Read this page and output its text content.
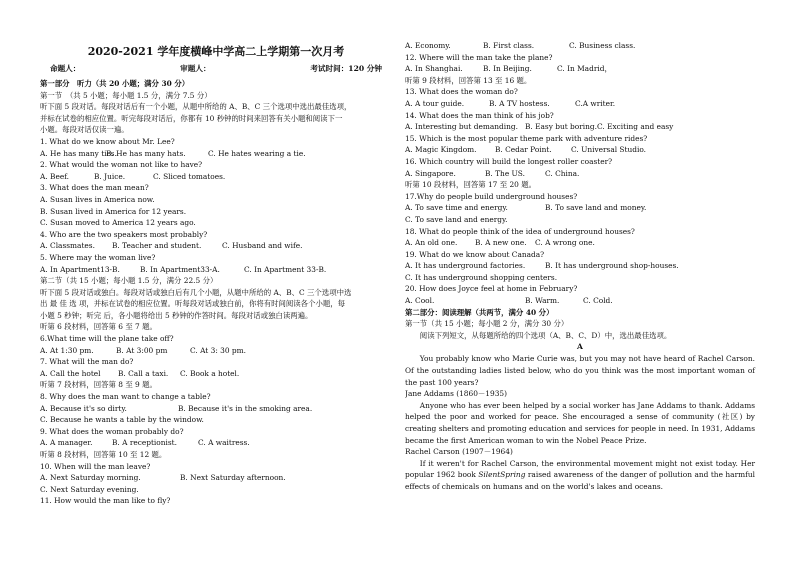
2020-2021 学年度横峰中学高二上学期第一次月考
命题人：	审题人：	考试时间：120 分钟
第一部分　听力（共 20 小题；满分 30 分）
第一节　（共 5 小题；每小题 1.5 分，满分 7.5 分）
听下面 5 段对话。每段对话后有一个小题，从题中所给的 A、B、C 三个选项中选出最佳选项，
并标在试卷的相应位置。听完每段对话后，你都有 10 秒钟的时间来回答有关小题和阅读下一
小题。每段对话仅读一遍。
1. What do we know about Mr. Lee?
A. He has many tics.
B. He has many hats.	C. He hates wearing a tie.
2. What would the woman not like to have?
A. Beef.	B. Juice.	C. Sliced tomatoes.
3. What does the man mean?
A. Susan lives in America now.
B. Susan lived in America for 12 years.
C. Susan moved to America 12 years ago.
4. Who are the two speakers most probably?
A. Classmates.	B. Teacher and student.	C. Husband and wife.
5. Where may the woman live?
A. In Apartment13-B.	B. In Apartment33-A.	C. In Apartment 33-B.
第二节（共 15 小题；每小题 1.5 分，满分 22.5 分）
听下面 5 段对话或独白。每段对话或独白后有几个小题，从题中所给的 A、B、C 三个选项中选
出 最 佳 选 项，并标在试卷的相应位置。听每段对话或独白前，你将有时间阅读各个小题，每
小题 5 秒钟；听完 后，各小题将给出 5 秒钟的作答时间。每段对话或独白读两遍。
听第 6 段材料，回答第 6 至 7 题。
6.What time will the plane take off?
A. At 1:30 pm.	B. At 3:00 pm	C. At 3: 30 pm.
7. What will the man do?
A. Call the hotel	B. Call a taxi.	C. Book a hotel.
听第 7 段材料，回答第 8 至 9 题。
8. Why does the man want to change a table?
A. Because it's so dirty.	B. Because it's in the smoking area.
C. Because he wants a table by the window.
9. What does the woman probably do?
A. A manager.	B. A receptionist.	C. A waitress.
听第 8 段材料，回答第 10 至 12 题。
10. When will the man leave?
A. Next Saturday morning.	B. Next Saturday afternoon.
C. Next Saturday evening.
11. How would the man like to fly?
A. Economy.	B. First class.	C. Business class.
12. Where will the man take the plane?
A. In Shanghai.	B. In Beijing.	C. In Madrid，
听第 9 段材料，回答第 13 至 16 题。
13. What does the woman do?
A. A tour guide.	B. A TV hostess.	C.A writer.
14. What does the man think of his job?
A. Interesting but demanding. B. Easy but boring. C. Exciting and easy
15. Which is the most popular theme park with adventure rides?
A. Magic Kingdom.	B. Cedar Point.	C. Universal Studio.
16. Which country will build the longest roller coaster?
A. Singapore.	B. The US.	C. China.
听第 10 段材料，回答第 17 至 20 题。
17.Why do people build underground houses?
A. To save time and energy.	B. To save land and money.
C. To save land and energy.
18. What do people think of the idea of underground houses?
A. An old one.	B. A new one.	C. A wrong one.
19. What do we know about Canada?
A. It has underground factories.	B. It has underground shop-houses.
C. It has underground shopping centers.
20. How does Joyce feel at home in February?
A. Cool.	B. Warm.	C. Cold.
第二部分：阅读理解（共两节，满分 40 分）
第一节（共 15 小题；每小题 2 分，满分 30 分）
阅读下列短文，从每题所给的四个选项（A、B、C、D）中，选出最佳选项。
A
You probably know who Marie Curie was, but you may not have heard of Rachel Carson. Of the outstanding ladies listed below, who do you think was the most important woman of the past 100 years?
Jane Addams (1860－1935)
Anyone who has ever been helped by a social worker has Jane Addams to thank. Addams helped the poor and worked for peace. She encouraged a sense of community (社区) by creating shelters and promoting education and services for people in need. In 1931, Addams became the first American woman to win the Nobel Peace Prize.
Rachel Carson (1907－1964)
If it weren't for Rachel Carson, the environmental movement might not exist today. Her popular 1962 book SilentSpring raised awareness of the danger of pollution and the harmful effects of chemicals on humans and on the world's lakes and oceans.
